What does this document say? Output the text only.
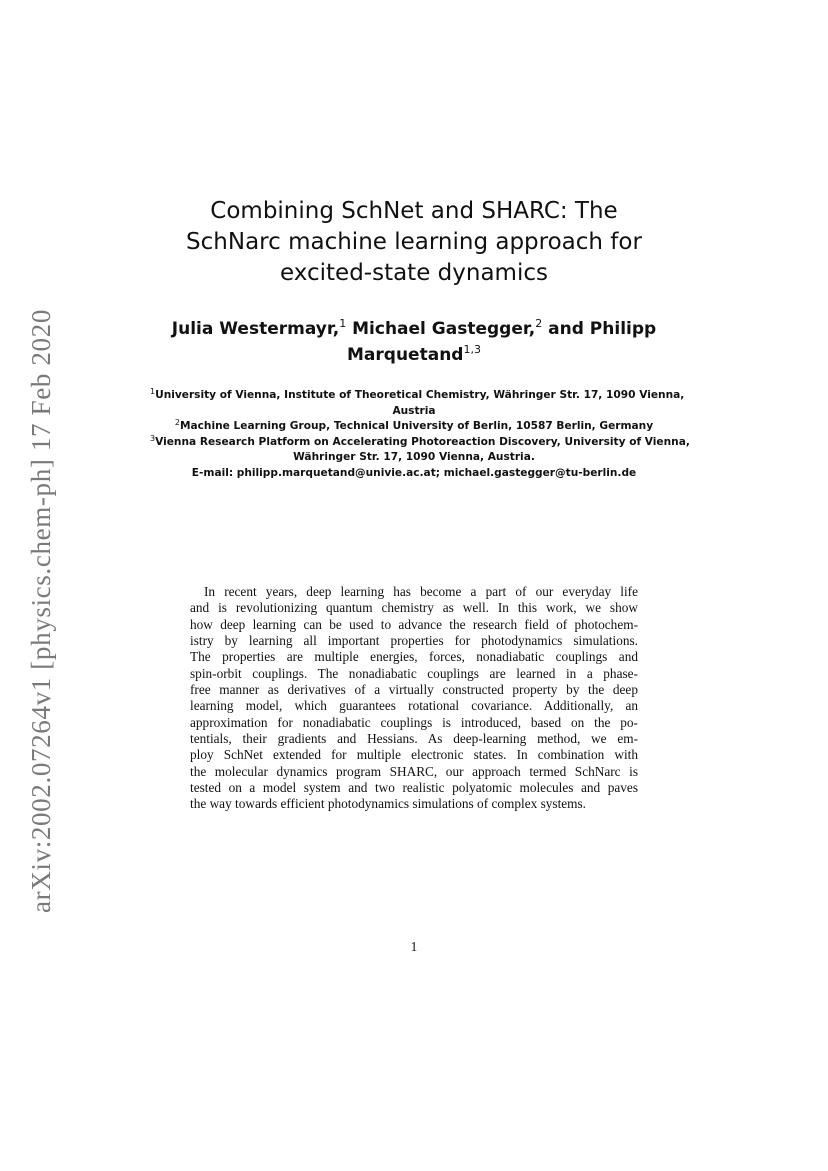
arXiv:2002.07264v1 [physics.chem-ph] 17 Feb 2020
Combining SchNet and SHARC: The
SchNarc machine learning approach for
excited-state dynamics
Julia Westermayr,$^1$ Michael Gastegger,$^2$ and Philipp
Marquetand$^{1,3}$
$^1$University of Vienna, Institute of Theoretical Chemistry, Währinger Str. 17, 1090 Vienna,
Austria
$^2$Machine Learning Group, Technical University of Berlin, 10587 Berlin, Germany
$^3$Vienna Research Platform on Accelerating Photoreaction Discovery, University of Vienna,
Währinger Str. 17, 1090 Vienna, Austria.
E-mail: philipp.marquetand@univie.ac.at; michael.gastegger@tu-berlin.de
In recent years, deep learning has become a part of our everyday life
and is revolutionizing quantum chemistry as well. In this work, we show
how deep learning can be used to advance the research field of photochem-
istry by learning all important properties for photodynamics simulations.
The properties are multiple energies, forces, nonadiabatic couplings and
spin-orbit couplings. The nonadiabatic couplings are learned in a phase-
free manner as derivatives of a virtually constructed property by the deep
learning model, which guarantees rotational covariance. Additionally, an
approximation for nonadiabatic couplings is introduced, based on the po-
tentials, their gradients and Hessians. As deep-learning method, we em-
ploy SchNet extended for multiple electronic states. In combination with
the molecular dynamics program SHARC, our approach termed SchNarc is
tested on a model system and two realistic polyatomic molecules and paves
the way towards efficient photodynamics simulations of complex systems.
1
